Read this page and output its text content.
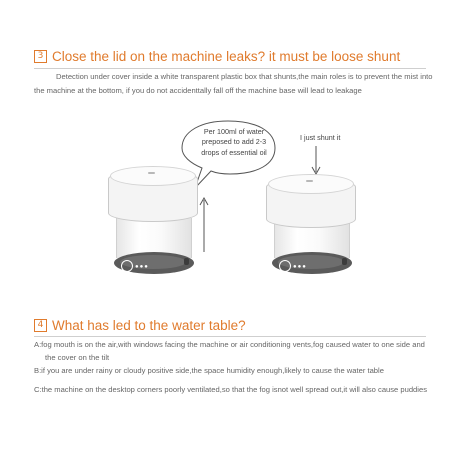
3 Close the lid on the machine leaks? it must be loose shunt
Detection under cover inside a white transparent plastic box that shunts,the main roles is to prevent the mist into the machine at the bottom, if you do not accidenttally fall off the machine base will lead to leakage
Per 100ml of water
preposed to add 2-3
drops of essential oil
I just shunt it
●●●	●●●
4 What has led to the water table?
A:fog mouth is on the air,with windows facing the machine or air conditioning vents,fog caused water to one side and the cover on the tilt
B:if you are under rainy or cloudy positive side,the space humidity enough,likely to cause the water table
C:the machine on the desktop corners poorly ventilated,so that the fog isnot well spread out,it will also cause puddies
